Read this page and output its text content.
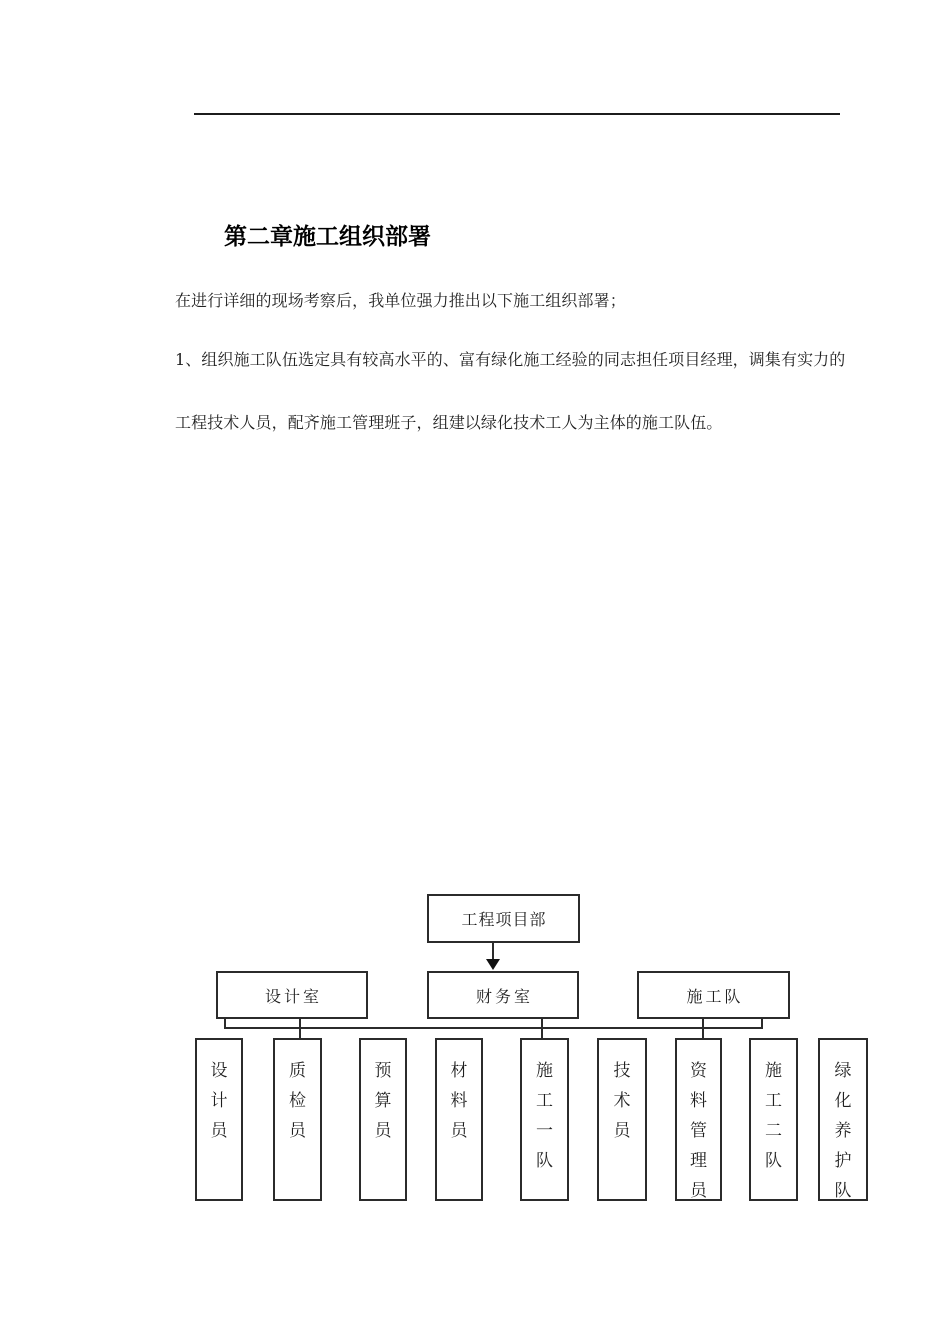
第二章施工组织部署
在进行详细的现场考察后，我单位强力推出以下施工组织部署；
1、组织施工队伍选定具有较高水平的、富有绿化施工经验的同志担任项目经理，调集有实力的
工程技术人员，配齐施工管理班子，组建以绿化技术工人为主体的施工队伍。
工程项目部
设计室	财务室	施工队
设计员
质检员
预算员
材料员
施工一队
技术员
资料管理员
施工二队
绿化养护队
